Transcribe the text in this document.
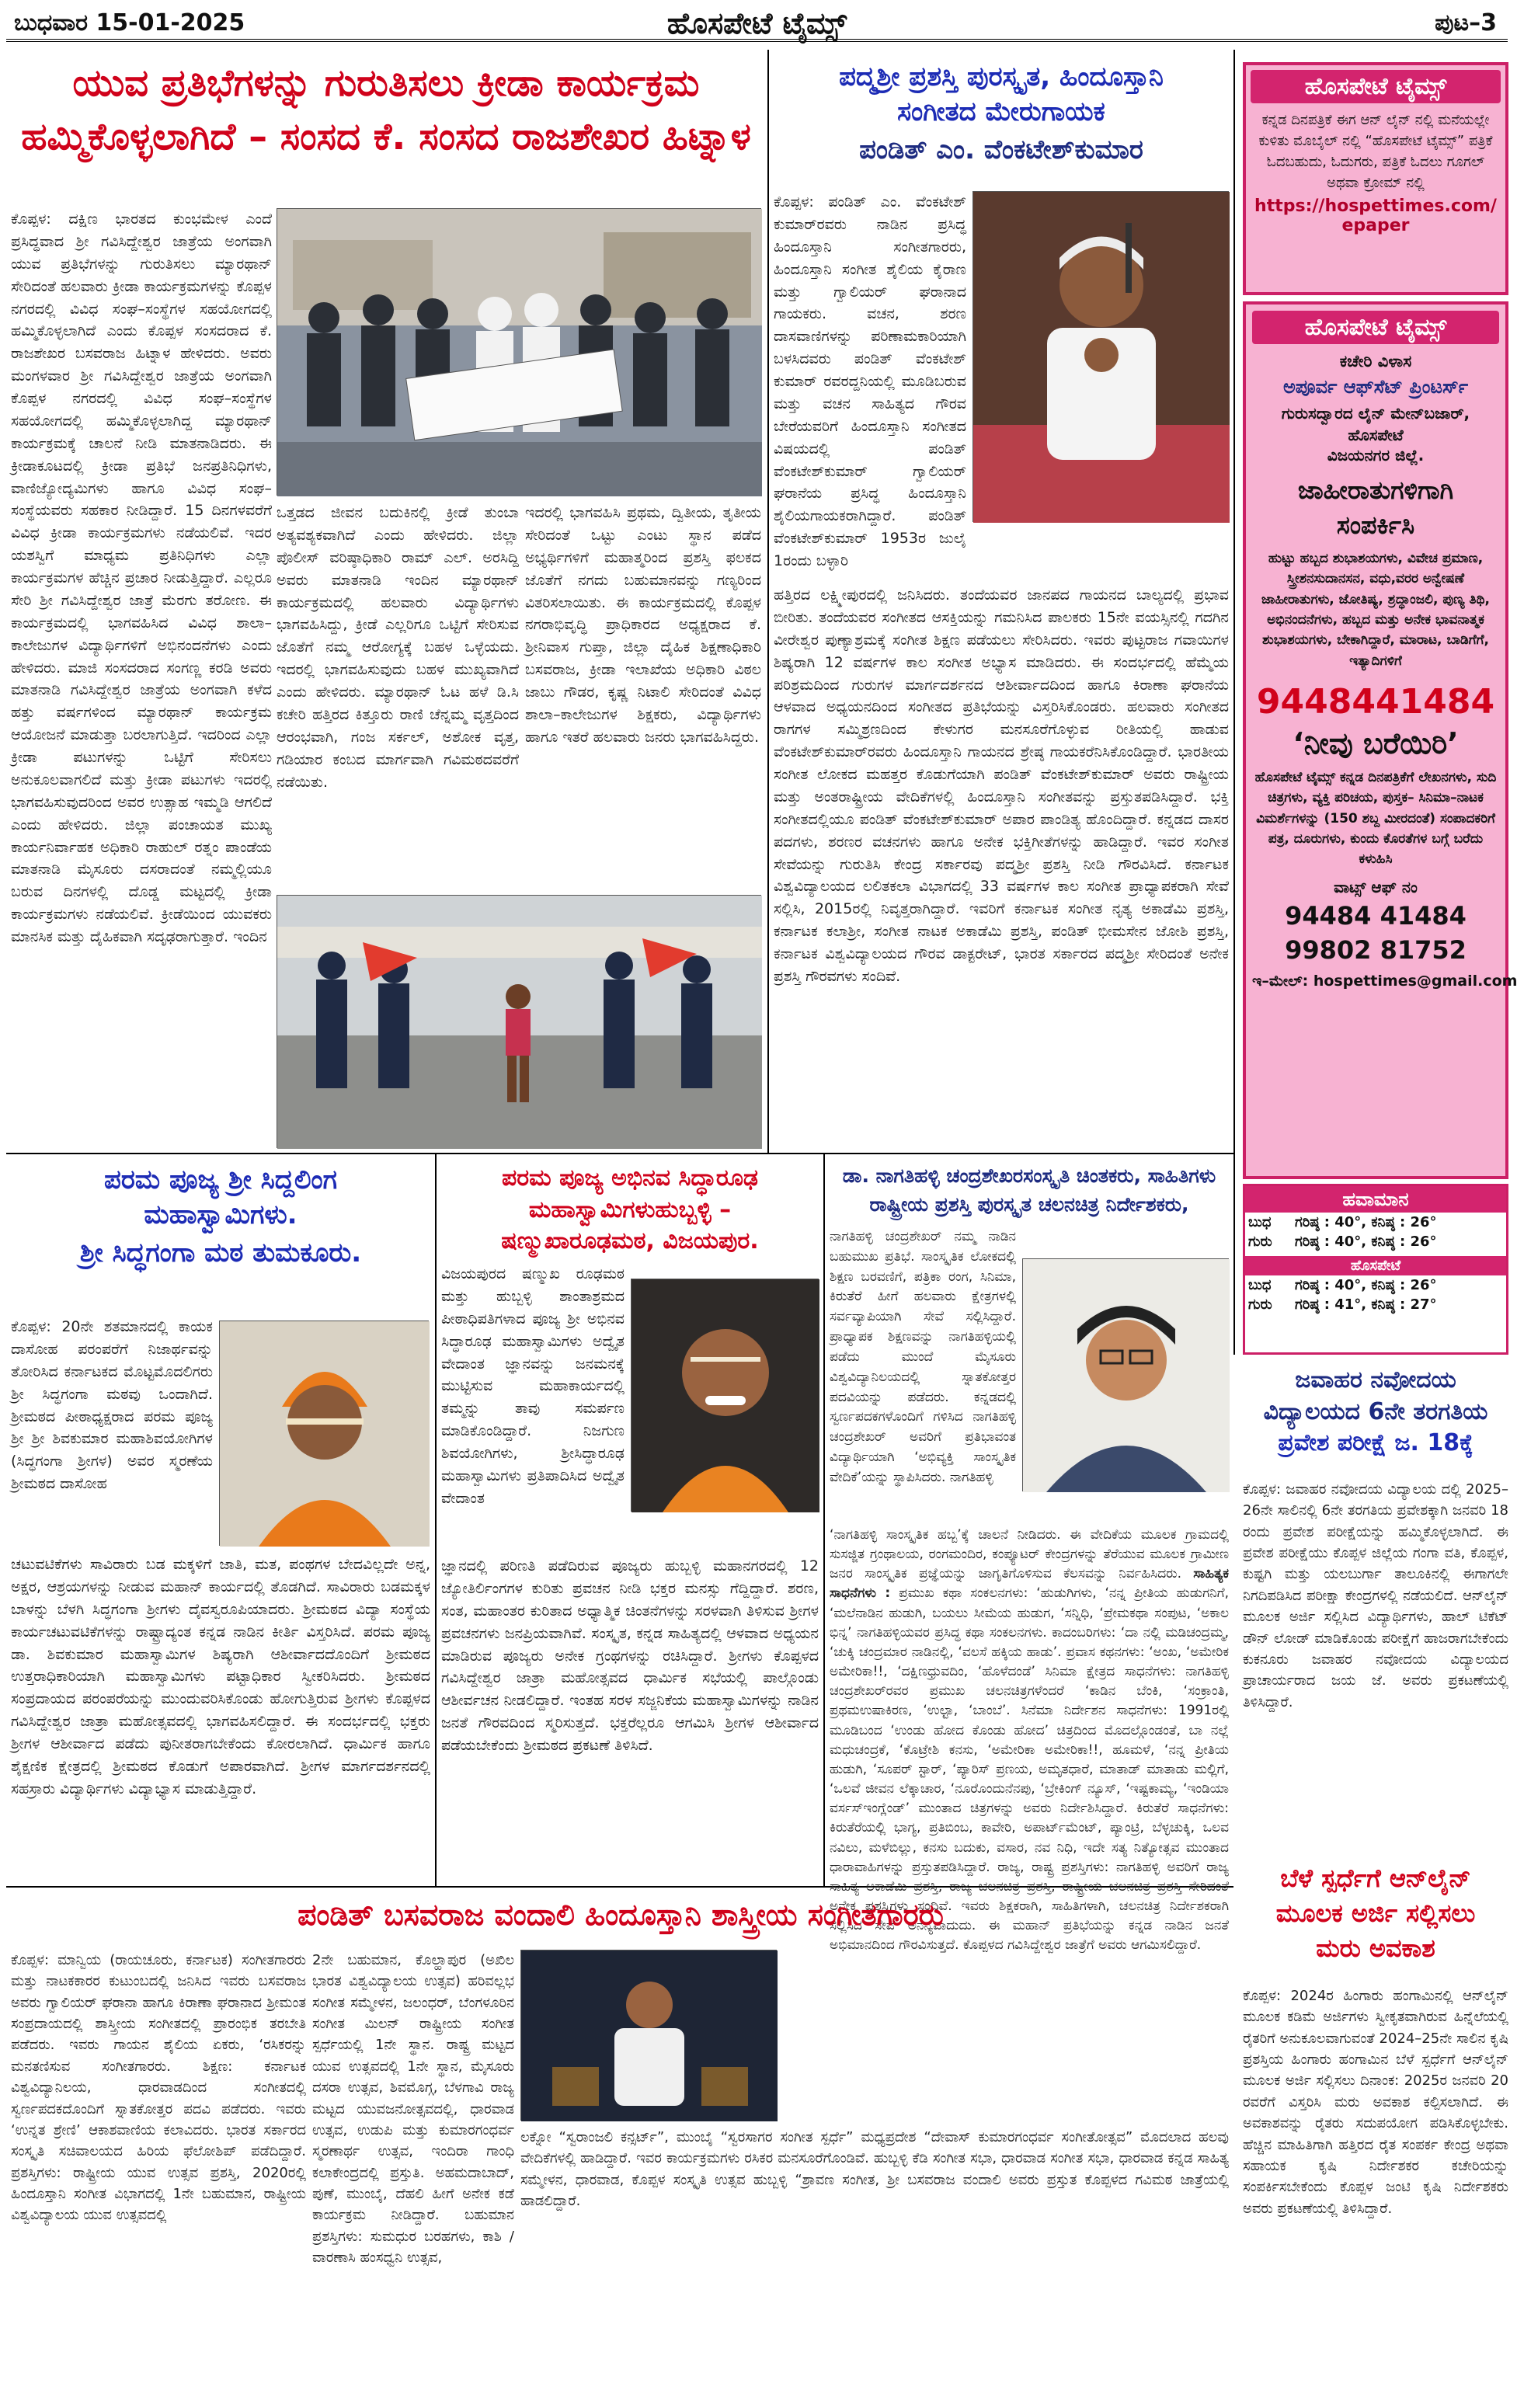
ಬುಧವಾರ 15-01-2025	ಹೊಸಪೇಟೆ ಟೈಮ್ಸ್	ಪುಟ–3
ಯುವ ಪ್ರತಿಭೆಗಳನ್ನು ಗುರುತಿಸಲು ಕ್ರೀಡಾ ಕಾರ್ಯಕ್ರಮ
ಹಮ್ಮಿಕೊಳ್ಳಲಾಗಿದೆ – ಸಂಸದ ಕೆ. ಸಂಸದ ರಾಜಶೇಖರ ಹಿಟ್ನಾಳ
ಕೊಪ್ಪಳ: ದಕ್ಷಿಣ ಭಾರತದ ಕುಂಭಮೇಳ ಎಂದೆ ಪ್ರಸಿದ್ಧವಾದ ಶ್ರೀ ಗವಿಸಿದ್ದೇಶ್ವರ ಜಾತ್ರೆಯ ಅಂಗವಾಗಿ ಯುವ ಪ್ರತಿಭೆಗಳನ್ನು ಗುರುತಿಸಲು ಮ್ಯಾರಥಾನ್ ಸೇರಿದಂತೆ ಹಲವಾರು ಕ್ರೀಡಾ ಕಾರ್ಯಕ್ರಮಗಳನ್ನು ಕೊಪ್ಪಳ ನಗರದಲ್ಲಿ ವಿವಿಧ ಸಂಘ–ಸಂಸ್ಥೆಗಳ ಸಹಯೋಗದಲ್ಲಿ ಹಮ್ಮಿಕೊಳ್ಳಲಾಗಿದೆ ಎಂದು ಕೊಪ್ಪಳ ಸಂಸದರಾದ ಕೆ. ರಾಜಶೇಖರ ಬಸವರಾಜ ಹಿಟ್ನಾಳ ಹೇಳಿದರು. ಅವರು ಮಂಗಳವಾರ ಶ್ರೀ ಗವಿಸಿದ್ದೇಶ್ವರ ಜಾತ್ರೆಯ ಅಂಗವಾಗಿ ಕೊಪ್ಪಳ ನಗರದಲ್ಲಿ ವಿವಿಧ ಸಂಘ–ಸಂಸ್ಥೆಗಳ ಸಹಯೋಗದಲ್ಲಿ ಹಮ್ಮಿಕೊಳ್ಳಲಾಗಿದ್ದ ಮ್ಯಾರಥಾನ್ ಕಾರ್ಯಕ್ರಮಕ್ಕೆ ಚಾಲನೆ ನೀಡಿ ಮಾತನಾಡಿದರು. ಈ ಕ್ರೀಡಾಕೂಟದಲ್ಲಿ ಕ್ರೀಡಾ ಪ್ರತಿಭೆ ಜನಪ್ರತಿನಿಧಿಗಳು, ವಾಣಿಜ್ಯೋದ್ಯಮಿಗಳು ಹಾಗೂ ವಿವಿಧ ಸಂಘ–ಸಂಸ್ಥೆಯವರು ಸಹಕಾರ ನೀಡಿದ್ದಾರೆ. 15 ದಿನಗಳವರೆಗೆ ವಿವಿಧ ಕ್ರೀಡಾ ಕಾರ್ಯಕ್ರಮಗಳು ನಡೆಯಲಿವೆ. ಇದರ ಯಶಸ್ವಿಗೆ ಮಾಧ್ಯಮ ಪ್ರತಿನಿಧಿಗಳು ಎಲ್ಲಾ ಕಾರ್ಯಕ್ರಮಗಳ ಹೆಚ್ಚಿನ ಪ್ರಚಾರ ನೀಡುತ್ತಿದ್ದಾರೆ. ಎಲ್ಲರೂ ಸೇರಿ ಶ್ರೀ ಗವಿಸಿದ್ದೇಶ್ವರ ಜಾತ್ರೆ ಮೆರಗು ತರೋಣ. ಈ ಕಾರ್ಯಕ್ರಮದಲ್ಲಿ ಭಾಗವಹಿಸಿದ ವಿವಿಧ ಶಾಲಾ–ಕಾಲೇಜುಗಳ ವಿದ್ಯಾರ್ಥಿಗಳಿಗೆ ಅಭಿನಂದನೆಗಳು ಎಂದು ಹೇಳಿದರು. ಮಾಜಿ ಸಂಸದರಾದ ಸಂಗಣ್ಣ ಕರಡಿ ಅವರು ಮಾತನಾಡಿ ಗವಿಸಿದ್ದೇಶ್ವರ ಜಾತ್ರೆಯ ಅಂಗವಾಗಿ ಕಳೆದ ಹತ್ತು ವರ್ಷಗಳಿಂದ ಮ್ಯಾರಥಾನ್ ಕಾರ್ಯಕ್ರಮ ಆಯೋಜನೆ ಮಾಡುತ್ತಾ ಬರಲಾಗುತ್ತಿದೆ. ಇದರಿಂದ ಎಲ್ಲಾ ಕ್ರೀಡಾ ಪಟುಗಳನ್ನು ಒಟ್ಟಿಗೆ ಸೇರಿಸಲು ಅನುಕೂಲವಾಗಲಿದೆ ಮತ್ತು ಕ್ರೀಡಾ ಪಟುಗಳು ಇದರಲ್ಲಿ ಭಾಗವಹಿಸುವುದರಿಂದ ಅವರ ಉತ್ಸಾಹ ಇಮ್ಮಡಿ ಆಗಲಿದೆ ಎಂದು ಹೇಳಿದರು. ಜಿಲ್ಲಾ ಪಂಚಾಯತ ಮುಖ್ಯ ಕಾರ್ಯನಿರ್ವಾಹಕ ಅಧಿಕಾರಿ ರಾಹುಲ್ ರತ್ನಂ ಪಾಂಡೆಯ ಮಾತನಾಡಿ ಮೈಸೂರು ದಸರಾದಂತೆ ನಮ್ಮಲ್ಲಿಯೂ ಬರುವ ದಿನಗಳಲ್ಲಿ ದೊಡ್ಡ ಮಟ್ಟದಲ್ಲಿ ಕ್ರೀಡಾ ಕಾರ್ಯಕ್ರಮಗಳು ನಡೆಯಲಿವೆ. ಕ್ರೀಡೆಯಿಂದ ಯುವಕರು ಮಾನಸಿಕ ಮತ್ತು ದೈಹಿಕವಾಗಿ ಸದೃಢರಾಗುತ್ತಾರೆ. ಇಂದಿನ
ಒತ್ತಡದ ಜೀವನ ಬದುಕಿನಲ್ಲಿ ಕ್ರೀಡೆ ತುಂಬಾ ಅತ್ಯವಶ್ಯಕವಾಗಿದೆ ಎಂದು ಹೇಳಿದರು. ಜಿಲ್ಲಾ ಪೊಲೀಸ್ ವರಿಷ್ಠಾಧಿಕಾರಿ ರಾಮ್ ಎಲ್. ಅರಸಿದ್ದಿ ಅವರು ಮಾತನಾಡಿ ಇಂದಿನ ಮ್ಯಾರಥಾನ್ ಕಾರ್ಯಕ್ರಮದಲ್ಲಿ ಹಲವಾರು ವಿದ್ಯಾರ್ಥಿಗಳು ಭಾಗವಹಿಸಿದ್ದು, ಕ್ರೀಡೆ ಎಲ್ಲರಿಗೂ ಒಟ್ಟಿಗೆ ಸೇರಿಸುವ ಜೊತೆಗೆ ನಮ್ಮ ಆರೋಗ್ಯಕ್ಕೆ ಬಹಳ ಒಳ್ಳೆಯದು. ಇದರಲ್ಲಿ ಭಾಗವಹಿಸುವುದು ಬಹಳ ಮುಖ್ಯವಾಗಿದೆ ಎಂದು ಹೇಳಿದರು. ಮ್ಯಾರಥಾನ್ ಓಟ ಹಳೆ ಡಿ.ಸಿ ಕಚೇರಿ ಹತ್ತಿರದ ಕಿತ್ತೂರು ರಾಣಿ ಚೆನ್ನಮ್ಮ ವೃತ್ತದಿಂದ ಆರಂಭವಾಗಿ, ಗಂಜ ಸರ್ಕಲ್, ಅಶೋಕ ವೃತ್ತ, ಗಡಿಯಾರ ಕಂಬದ ಮಾರ್ಗವಾಗಿ ಗವಿಮಠದವರೆಗೆ ನಡೆಯಿತು.
ಇದರಲ್ಲಿ ಭಾಗವಹಿಸಿ ಪ್ರಥಮ, ದ್ವಿತೀಯ, ತೃತೀಯ ಸೇರಿದಂತೆ ಒಟ್ಟು ಎಂಟು ಸ್ಥಾನ ಪಡೆದ ಅಭ್ಯರ್ಥಿಗಳಿಗೆ ಮಹಾತ್ಮರಿಂದ ಪ್ರಶಸ್ತಿ ಫಲಕದ ಜೊತೆಗೆ ನಗದು ಬಹುಮಾನವನ್ನು ಗಣ್ಯರಿಂದ ವಿತರಿಸಲಾಯಿತು. ಈ ಕಾರ್ಯಕ್ರಮದಲ್ಲಿ ಕೊಪ್ಪಳ ನಗರಾಭಿವೃದ್ಧಿ ಪ್ರಾಧಿಕಾರದ ಅಧ್ಯಕ್ಷರಾದ ಕೆ. ಶ್ರೀನಿವಾಸ ಗುಪ್ತಾ, ಜಿಲ್ಲಾ ದೈಹಿಕ ಶಿಕ್ಷಣಾಧಿಕಾರಿ ಬಸವರಾಜ, ಕ್ರೀಡಾ ಇಲಾಖೆಯ ಅಧಿಕಾರಿ ವಿಠಲ ಜಾಬು ಗೌಡರ, ಕೃಷ್ಣ ನಿಟಾಲಿ ಸೇರಿದಂತೆ ವಿವಿಧ ಶಾಲಾ–ಕಾಲೇಜುಗಳ ಶಿಕ್ಷಕರು, ವಿದ್ಯಾರ್ಥಿಗಳು ಹಾಗೂ ಇತರೆ ಹಲವಾರು ಜನರು ಭಾಗವಹಿಸಿದ್ದರು.
ಪದ್ಮಶ್ರೀ ಪ್ರಶಸ್ತಿ ಪುರಸ್ಕೃತ, ಹಿಂದೂಸ್ತಾನಿ
ಸಂಗೀತದ ಮೇರುಗಾಯಕ
ಪಂಡಿತ್ ಎಂ. ವೆಂಕಟೇಶ್‌ಕುಮಾರ
ಕೊಪ್ಪಳ: ಪಂಡಿತ್ ಎಂ. ವೆಂಕಟೇಶ್ ಕುಮಾರ್‌ರವರು ನಾಡಿನ ಪ್ರಸಿದ್ಧ ಹಿಂದೂಸ್ತಾನಿ ಸಂಗೀತಗಾರರು, ಹಿಂದೂಸ್ತಾನಿ ಸಂಗೀತ ಶೈಲಿಯ ಕೈರಾಣ ಮತ್ತು ಗ್ವಾಲಿಯರ್ ಘರಾನಾದ ಗಾಯಕರು. ವಚನ, ಶರಣ ದಾಸವಾಣಿಗಳನ್ನು ಪರಿಣಾಮಕಾರಿಯಾಗಿ ಬಳಸಿದವರು ಪಂಡಿತ್ ವೆಂಕಟೇಶ್ ಕುಮಾರ್ ರವರದ್ದನಿಯಲ್ಲಿ ಮೂಡಿಬರುವ ಮತ್ತು ವಚನ ಸಾಹಿತ್ಯದ ಗೌರವ ಬೇರೆಯವರಿಗೆ ಹಿಂದೂಸ್ತಾನಿ ಸಂಗೀತದ ವಿಷಯದಲ್ಲಿ ಪಂಡಿತ್ ವೆಂಕಟೇಶ್‌ಕುಮಾರ್ ಗ್ವಾಲಿಯರ್ ಘರಾನೆಯ ಪ್ರಸಿದ್ಧ ಹಿಂದೂಸ್ತಾನಿ ಶೈಲಿಯಗಾಯಕರಾಗಿದ್ದಾರೆ. ಪಂಡಿತ್ ವೆಂಕಟೇಶ್‌ಕುಮಾರ್ 1953ರ ಜುಲೈ 1ರಂದು ಬಳ್ಳಾರಿ
ಹತ್ತಿರದ ಲಕ್ಷ್ಮೀಪುರದಲ್ಲಿ ಜನಿಸಿದರು. ತಂದೆಯವರ ಜಾನಪದ ಗಾಯನದ ಬಾಲ್ಯದಲ್ಲಿ ಪ್ರಭಾವ ಬೀರಿತು. ತಂದೆಯವರ ಸಂಗೀತದ ಆಸಕ್ತಿಯನ್ನು ಗಮನಿಸಿದ ಪಾಲಕರು 15ನೇ ವಯಸ್ಸಿನಲ್ಲಿ ಗದಗಿನ ವೀರೇಶ್ವರ ಪುಣ್ಯಾಶ್ರಮಕ್ಕೆ ಸಂಗೀತ ಶಿಕ್ಷಣ ಪಡೆಯಲು ಸೇರಿಸಿದರು. ಇವರು ಪುಟ್ಟರಾಜ ಗವಾಯಿಗಳ ಶಿಷ್ಯರಾಗಿ 12 ವರ್ಷಗಳ ಕಾಲ ಸಂಗೀತ ಅಭ್ಯಾಸ ಮಾಡಿದರು. ಈ ಸಂದರ್ಭದಲ್ಲಿ ಹೆಮ್ಮೆಯ ಪರಿಶ್ರಮದಿಂದ ಗುರುಗಳ ಮಾರ್ಗದರ್ಶನದ ಆಶೀರ್ವಾದದಿಂದ ಹಾಗೂ ಕಿರಾಣಾ ಘರಾನೆಯ ಆಳವಾದ ಅಧ್ಯಯನದಿಂದ ಸಂಗೀತದ ಪ್ರತಿಭೆಯನ್ನು ವಿಸ್ತರಿಸಿಕೊಂಡರು. ಹಲವಾರು ಸಂಗೀತದ ರಾಗಗಳ ಸಮ್ಮಿಶ್ರಣದಿಂದ ಕೇಳುಗರ ಮನಸೂರೆಗೊಳ್ಳುವ ರೀತಿಯಲ್ಲಿ ಹಾಡುವ ವೆಂಕಟೇಶ್‌ಕುಮಾರ್‌ರವರು ಹಿಂದೂಸ್ತಾನಿ ಗಾಯನದ ಶ್ರೇಷ್ಠ ಗಾಯಕರೆನಿಸಿಕೊಂಡಿದ್ದಾರೆ. ಭಾರತೀಯ ಸಂಗೀತ ಲೋಕದ ಮಹತ್ತರ ಕೊಡುಗೆಯಾಗಿ ಪಂಡಿತ್ ವೆಂಕಟೇಶ್‌ಕುಮಾರ್ ಅವರು ರಾಷ್ಟ್ರೀಯ ಮತ್ತು ಅಂತರಾಷ್ಟ್ರೀಯ ವೇದಿಕೆಗಳಲ್ಲಿ ಹಿಂದೂಸ್ತಾನಿ ಸಂಗೀತವನ್ನು ಪ್ರಸ್ತುತಪಡಿಸಿದ್ದಾರೆ. ಭಕ್ತಿ ಸಂಗೀತದಲ್ಲಿಯೂ ಪಂಡಿತ್ ವೆಂಕಟೇಶ್‌ಕುಮಾರ್ ಅಪಾರ ಪಾಂಡಿತ್ಯ ಹೊಂದಿದ್ದಾರೆ. ಕನ್ನಡದ ದಾಸರ ಪದಗಳು, ಶರಣರ ವಚನಗಳು ಹಾಗೂ ಅನೇಕ ಭಕ್ತಿಗೀತೆಗಳನ್ನು ಹಾಡಿದ್ದಾರೆ. ಇವರ ಸಂಗೀತ ಸೇವೆಯನ್ನು ಗುರುತಿಸಿ ಕೇಂದ್ರ ಸರ್ಕಾರವು ಪದ್ಮಶ್ರೀ ಪ್ರಶಸ್ತಿ ನೀಡಿ ಗೌರವಿಸಿದೆ. ಕರ್ನಾಟಕ ವಿಶ್ವವಿದ್ಯಾಲಯದ ಲಲಿತಕಲಾ ವಿಭಾಗದಲ್ಲಿ 33 ವರ್ಷಗಳ ಕಾಲ ಸಂಗೀತ ಪ್ರಾಧ್ಯಾಪಕರಾಗಿ ಸೇವೆ ಸಲ್ಲಿಸಿ, 2015ರಲ್ಲಿ ನಿವೃತ್ತರಾಗಿದ್ದಾರೆ. ಇವರಿಗೆ ಕರ್ನಾಟಕ ಸಂಗೀತ ನೃತ್ಯ ಅಕಾಡೆಮಿ ಪ್ರಶಸ್ತಿ, ಕರ್ನಾಟಕ ಕಲಾಶ್ರೀ, ಸಂಗೀತ ನಾಟಕ ಅಕಾಡೆಮಿ ಪ್ರಶಸ್ತಿ, ಪಂಡಿತ್ ಭೀಮಸೇನ ಜೋಶಿ ಪ್ರಶಸ್ತಿ, ಕರ್ನಾಟಕ ವಿಶ್ವವಿದ್ಯಾಲಯದ ಗೌರವ ಡಾಕ್ಟರೇಟ್, ಭಾರತ ಸರ್ಕಾರದ ಪದ್ಮಶ್ರೀ ಸೇರಿದಂತೆ ಅನೇಕ ಪ್ರಶಸ್ತಿ ಗೌರವಗಳು ಸಂದಿವೆ.
ಹೊಸಪೇಟೆ ಟೈಮ್ಸ್
ಕನ್ನಡ ದಿನಪತ್ರಿಕೆ ಈಗ ಆನ್ ಲೈನ್ ನಲ್ಲಿ ಮನೆಯಲ್ಲೇ ಕುಳಿತು ಮೊಬೈಲ್ ನಲ್ಲಿ “ಹೊಸಪೇಟೆ ಟೈಮ್ಸ್” ಪತ್ರಿಕೆ ಓದಬಹುದು, ಓದುಗರು, ಪತ್ರಿಕೆ ಓದಲು ಗೂಗಲ್ ಅಥವಾ ಕ್ರೋಮ್ ನಲ್ಲಿ
https://hospettimes.com/
epaper
ಹೊಸಪೇಟೆ ಟೈಮ್ಸ್
ಕಚೇರಿ ವಿಳಾಸ
ಅಪೂರ್ವ ಆಫ್‌ಸೆಟ್ ಪ್ರಿಂಟರ್ಸ್
ಗುರುಸದ್ವಾರದ ಲೈನ್ ಮೇನ್‌ಬಜಾರ್, ಹೊಸಪೇಟೆ
ವಿಜಯನಗರ ಜಿಲ್ಲೆ.
ಜಾಹೀರಾತುಗಳಿಗಾಗಿ
ಸಂಪರ್ಕಿಸಿ
ಹುಟ್ಟು ಹಬ್ಬದ ಶುಭಾಶಯಗಳು, ವಿವೇಚ ಪ್ರಮಾಣ, ಸ್ತ್ರೀಶನಸುದಾನಸನ, ವಧು,ವರರ ಅನ್ವೇಷಣೆ ಜಾಹೀರಾತುಗಳು, ಜೋತಿಷ್ಯ, ಶ್ರದ್ಧಾಂಜಲಿ, ಪುಣ್ಯ ತಿಥಿ, ಅಭಿನಂದನೆಗಳು, ಹಬ್ಬದ ಮತ್ತು ಅನೇಕ ಭಾವನಾತ್ಮಕ ಶುಭಾಶಯಗಳು, ಬೇಕಾಗಿದ್ದಾರೆ, ಮಾರಾಟ, ಬಾಡಿಗೆಗೆ, ಇತ್ಯಾದಿಗಳಿಗೆ
9448441484
‘ನೀವು ಬರೆಯಿರಿ’
ಹೊಸಪೇಟೆ ಟೈಮ್ಸ್ ಕನ್ನಡ ದಿನಪತ್ರಿಕೆಗೆ ಲೇಖನಗಳು, ಸುದಿ ಚಿತ್ರಗಳು, ವ್ಯಕ್ತಿ ಪರಿಚಯ, ಪುಸ್ತಕ– ಸಿನಿಮಾ–ನಾಟಕ ವಿಮರ್ಶೆಗಳನ್ನು (150 ಶಬ್ದ ಮೀರದಂತೆ) ಸಂಪಾದಕರಿಗೆ ಪತ್ರ, ದೂರುಗಳು, ಕುಂದು ಕೊರತೆಗಳ ಬಗ್ಗೆ ಬರೆದು ಕಳುಹಿಸಿ
ವಾಟ್ಸ್ ಆಫ್ ನಂ
94484 41484
99802 81752
ಇ–ಮೇಲ್: hospettimes@gmail.com
ಹವಾಮಾನ
ಬುಧ	ಗರಿಷ್ಠ : 40°, ಕನಿಷ್ಠ : 26°
ಗುರು	ಗರಿಷ್ಠ : 40°, ಕನಿಷ್ಠ : 26°
ಹೊಸಪೇಟೆ
ಬುಧ	ಗರಿಷ್ಠ : 40°, ಕನಿಷ್ಠ : 26°
ಗುರು	ಗರಿಷ್ಠ : 41°, ಕನಿಷ್ಠ : 27°
ಪರಮ ಪೂಜ್ಯ ಶ್ರೀ ಸಿದ್ದಲಿಂಗ
ಮಹಾಸ್ವಾಮಿಗಳು.
ಶ್ರೀ ಸಿದ್ಧಗಂಗಾ ಮಠ ತುಮಕೂರು.
ಕೊಪ್ಪಳ: 20ನೇ ಶತಮಾನದಲ್ಲಿ ಕಾಯಕ ದಾಸೋಹ ಪರಂಪರೆಗೆ ನಿಜಾರ್ಥವನ್ನು ತೋರಿಸಿದ ಕರ್ನಾಟಕದ ಮೊಟ್ಟಮೊದಲಿಗರು ಶ್ರೀ ಸಿದ್ಧಗಂಗಾ ಮಠವು ಒಂದಾಗಿದೆ. ಶ್ರೀಮಠದ ಪೀಠಾಧ್ಯಕ್ಷರಾದ ಪರಮ ಪೂಜ್ಯ ಶ್ರೀ ಶ್ರೀ ಶಿವಕುಮಾರ ಮಹಾಶಿವಯೋಗಿಗಳ (ಸಿದ್ಧಗಂಗಾ ಶ್ರೀಗಳ) ಅವರ ಸ್ಮರಣೆಯ ಶ್ರೀಮಠದ ದಾಸೋಹ
ಚಟುವಟಿಕೆಗಳು ಸಾವಿರಾರು ಬಡ ಮಕ್ಕಳಿಗೆ ಜಾತಿ, ಮತ, ಪಂಥಗಳ ಬೇದವಿಲ್ಲದೇ ಅನ್ನ, ಅಕ್ಷರ, ಆಶ್ರಯಗಳನ್ನು ನೀಡುವ ಮಹಾನ್ ಕಾರ್ಯದಲ್ಲಿ ತೊಡಗಿದೆ. ಸಾವಿರಾರು ಬಡಮಕ್ಕಳ ಬಾಳನ್ನು ಬೆಳಗಿ ಸಿದ್ಧಗಂಗಾ ಶ್ರೀಗಳು ದೈವಸ್ವರೂಪಿಯಾದರು. ಶ್ರೀಮಠದ ವಿದ್ಯಾ ಸಂಸ್ಥೆಯ ಕಾರ್ಯಚಟುವಟಿಕೆಗಳನ್ನು ರಾಷ್ಟ್ರಾದ್ಯಂತ ಕನ್ನಡ ನಾಡಿನ ಕೀರ್ತಿ ವಿಸ್ತರಿಸಿದೆ. ಪರಮ ಪೂಜ್ಯ ಡಾ. ಶಿವಕುಮಾರ ಮಹಾಸ್ವಾಮಿಗಳ ಶಿಷ್ಯರಾಗಿ ಆಶೀರ್ವಾದದೊಂದಿಗೆ ಶ್ರೀಮಠದ ಉತ್ತರಾಧಿಕಾರಿಯಾಗಿ ಮಹಾಸ್ವಾಮಿಗಳು ಪಟ್ಟಾಧಿಕಾರ ಸ್ವೀಕರಿಸಿದರು. ಶ್ರೀಮಠದ ಸಂಪ್ರದಾಯದ ಪರಂಪರೆಯನ್ನು ಮುಂದುವರಿಸಿಕೊಂಡು ಹೋಗುತ್ತಿರುವ ಶ್ರೀಗಳು ಕೊಪ್ಪಳದ ಗವಿಸಿದ್ದೇಶ್ವರ ಜಾತ್ರಾ ಮಹೋತ್ಸವದಲ್ಲಿ ಭಾಗವಹಿಸಲಿದ್ದಾರೆ. ಈ ಸಂದರ್ಭದಲ್ಲಿ ಭಕ್ತರು ಶ್ರೀಗಳ ಆಶೀರ್ವಾದ ಪಡೆದು ಪುನೀತರಾಗಬೇಕೆಂದು ಕೋರಲಾಗಿದೆ. ಧಾರ್ಮಿಕ ಹಾಗೂ ಶೈಕ್ಷಣಿಕ ಕ್ಷೇತ್ರದಲ್ಲಿ ಶ್ರೀಮಠದ ಕೊಡುಗೆ ಅಪಾರವಾಗಿದೆ. ಶ್ರೀಗಳ ಮಾರ್ಗದರ್ಶನದಲ್ಲಿ ಸಹಸ್ರಾರು ವಿದ್ಯಾರ್ಥಿಗಳು ವಿದ್ಯಾಭ್ಯಾಸ ಮಾಡುತ್ತಿದ್ದಾರೆ.
ಪರಮ ಪೂಜ್ಯ ಅಭಿನವ ಸಿದ್ಧಾರೂಢ
ಮಹಾಸ್ವಾಮಿಗಳುಹುಬ್ಬಳ್ಳಿ –
ಷಣ್ಮುಖಾರೂಢಮಠ, ವಿಜಯಪುರ.
ವಿಜಯಪುರದ ಷಣ್ಮುಖ ರೂಢಮಠ ಮತ್ತು ಹುಬ್ಬಳ್ಳಿ ಶಾಂತಾಶ್ರಮದ ಪೀಠಾಧಿಪತಿಗಳಾದ ಪೂಜ್ಯ ಶ್ರೀ ಅಭಿನವ ಸಿದ್ಧಾರೂಢ ಮಹಾಸ್ವಾಮಿಗಳು ಅದ್ವೈತ ವೇದಾಂತ ಜ್ಞಾನವನ್ನು ಜನಮನಕ್ಕೆ ಮುಟ್ಟಿಸುವ ಮಹಾಕಾರ್ಯದಲ್ಲಿ ತಮ್ಮನ್ನು ತಾವು ಸಮರ್ಪಣ ಮಾಡಿಕೊಂಡಿದ್ದಾರೆ. ನಿಜಗುಣ ಶಿವಯೋಗಿಗಳು, ಶ್ರೀಸಿದ್ಧಾರೂಢ ಮಹಾಸ್ವಾಮಿಗಳು ಪ್ರತಿಪಾದಿಸಿದ ಅದ್ವೈತ ವೇದಾಂತ
ಜ್ಞಾನದಲ್ಲಿ ಪರಿಣತಿ ಪಡೆದಿರುವ ಪೂಜ್ಯರು ಹುಬ್ಬಳ್ಳಿ ಮಹಾನಗರದಲ್ಲಿ 12 ಜ್ಯೋತಿರ್ಲಿಂಗಗಳ ಕುರಿತು ಪ್ರವಚನ ನೀಡಿ ಭಕ್ತರ ಮನಸ್ಸು ಗೆದ್ದಿದ್ದಾರೆ. ಶರಣ, ಸಂತ, ಮಹಾಂತರ ಕುರಿತಾದ ಅಧ್ಯಾತ್ಮಿಕ ಚಿಂತನೆಗಳನ್ನು ಸರಳವಾಗಿ ತಿಳಿಸುವ ಶ್ರೀಗಳ ಪ್ರವಚನಗಳು ಜನಪ್ರಿಯವಾಗಿವೆ. ಸಂಸ್ಕೃತ, ಕನ್ನಡ ಸಾಹಿತ್ಯದಲ್ಲಿ ಆಳವಾದ ಅಧ್ಯಯನ ಮಾಡಿರುವ ಪೂಜ್ಯರು ಅನೇಕ ಗ್ರಂಥಗಳನ್ನು ರಚಿಸಿದ್ದಾರೆ. ಶ್ರೀಗಳು ಕೊಪ್ಪಳದ ಗವಿಸಿದ್ದೇಶ್ವರ ಜಾತ್ರಾ ಮಹೋತ್ಸವದ ಧಾರ್ಮಿಕ ಸಭೆಯಲ್ಲಿ ಪಾಲ್ಗೊಂಡು ಆಶೀರ್ವಚನ ನೀಡಲಿದ್ದಾರೆ. ಇಂತಹ ಸರಳ ಸಜ್ಜನಿಕೆಯ ಮಹಾಸ್ವಾಮಿಗಳನ್ನು ನಾಡಿನ ಜನತೆ ಗೌರವದಿಂದ ಸ್ಮರಿಸುತ್ತದೆ. ಭಕ್ತರೆಲ್ಲರೂ ಆಗಮಿಸಿ ಶ್ರೀಗಳ ಆಶೀರ್ವಾದ ಪಡೆಯಬೇಕೆಂದು ಶ್ರೀಮಠದ ಪ್ರಕಟಣೆ ತಿಳಿಸಿದೆ.
ಡಾ. ನಾಗತಿಹಳ್ಳಿ ಚಂದ್ರಶೇಖರಸಂಸ್ಕೃತಿ ಚಿಂತಕರು, ಸಾಹಿತಿಗಳು
ರಾಷ್ಟ್ರೀಯ ಪ್ರಶಸ್ತಿ ಪುರಸ್ಕೃತ ಚಲನಚಿತ್ರ ನಿರ್ದೇಶಕರು,
ನಾಗತಿಹಳ್ಳಿ ಚಂದ್ರಶೇಖರ್ ನಮ್ಮ ನಾಡಿನ ಬಹುಮುಖ ಪ್ರತಿಭೆ. ಸಾಂಸ್ಕೃತಿಕ ಲೋಕದಲ್ಲಿ ಶಿಕ್ಷಣ ಬರವಣಿಗೆ, ಪತ್ರಿಕಾ ರಂಗ, ಸಿನಿಮಾ, ಕಿರುತೆರೆ ಹೀಗೆ ಹಲವಾರು ಕ್ಷೇತ್ರಗಳಲ್ಲಿ ಸರ್ವವ್ಯಾಪಿಯಾಗಿ ಸೇವೆ ಸಲ್ಲಿಸಿದ್ದಾರೆ. ಪ್ರಾಧ್ಯಾಪಕ ಶಿಕ್ಷಣವನ್ನು ನಾಗತಿಹಳ್ಳಿಯಲ್ಲಿ ಪಡೆದು ಮುಂದೆ ಮೈಸೂರು ವಿಶ್ವವಿದ್ಯಾನಿಲಯದಲ್ಲಿ ಸ್ನಾತಕೋತ್ತರ ಪದವಿಯನ್ನು ಪಡೆದರು. ಕನ್ನಡದಲ್ಲಿ ಸ್ವರ್ಣಪದಕಗಳೊಂದಿಗೆ ಗಳಿಸಿದ ನಾಗತಿಹಳ್ಳಿ ಚಂದ್ರಶೇಖರ್ ಅವರಿಗೆ ಪ್ರತಿಭಾವಂತ ವಿದ್ಯಾರ್ಥಿಯಾಗಿ ‘ಅಭಿವ್ಯಕ್ತಿ ಸಾಂಸ್ಕೃತಿಕ ವೇದಿಕೆ’ಯನ್ನು ಸ್ಥಾಪಿಸಿದರು. ನಾಗತಿಹಳ್ಳಿ
‘ನಾಗತಿಹಳ್ಳಿ ಸಾಂಸ್ಕೃತಿಕ ಹಬ್ಬ’ಕ್ಕೆ ಚಾಲನೆ ನೀಡಿದರು. ಈ ವೇದಿಕೆಯ ಮೂಲಕ ಗ್ರಾಮದಲ್ಲಿ ಸುಸಜ್ಜಿತ ಗ್ರಂಥಾಲಯ, ರಂಗಮಂದಿರ, ಕಂಪ್ಯೂಟರ್ ಕೇಂದ್ರಗಳನ್ನು ತೆರೆಯುವ ಮೂಲಕ ಗ್ರಾಮೀಣ ಜನರ ಸಾಂಸ್ಕೃತಿಕ ಪ್ರಜ್ಞೆಯನ್ನು ಜಾಗೃತಿಗೊಳಿಸುವ ಕೆಲಸವನ್ನು ನಿರ್ವಹಿಸಿದರು. ಸಾಹಿತ್ಯಕ ಸಾಧನೆಗಳು : ಪ್ರಮುಖ ಕಥಾ ಸಂಕಲನಗಳು: ‘ಹುಡುಗಿಗಳು, ‘ನನ್ನ ಪ್ರೀತಿಯ ಹುಡುಗನಿಗೆ, ‘ಮಲೆನಾಡಿನ ಹುಡುಗಿ, ಬಯಲು ಸೀಮೆಯ ಹುಡುಗ, ‘ಸನ್ನಿಧಿ, ‘ಪ್ರೇಮಕಥಾ ಸಂಪುಟ, ‘ಅಕಾಲ ಭಿನ್ನ’ ನಾಗತಿಹಳ್ಳಿಯವರ ಪ್ರಸಿದ್ಧ ಕಥಾ ಸಂಕಲನಗಳು. ಕಾದಂಬರಿಗಳು: ‘ದಾ ನಲ್ಲಿ ಮಡಿಚಂದ್ರಮ್ಮ, ‘ಚುಕ್ಕಿ ಚಂದ್ರಮಾರ ನಾಡಿನಲ್ಲಿ, ‘ವಲಸೆ ಹಕ್ಕಿಯ ಹಾಡು’. ಪ್ರವಾಸ ಕಥನಗಳು: ‘ಅಂಖ, ‘ಅಮೇರಿಕ ಅಮೇರಿಕಾ!!, ‘ದಕ್ಷಿಣಧ್ರುವದಿಂ, ‘ಹೊಳೆದಂಡೆ’ ಸಿನಿಮಾ ಕ್ಷೇತ್ರದ ಸಾಧನೆಗಳು: ನಾಗತಿಹಳ್ಳಿ ಚಂದ್ರಶೇಖರ್‌ರವರ ಪ್ರಮುಖ ಚಲನಚಿತ್ರಗಳೆಂದರೆ ‘ಕಾಡಿನ ಬೆಂಕಿ, ‘ಸಂಕ್ರಾಂತಿ, ಪ್ರಥಮಉಷಾಕಿರಣ, ‘ಉಲ್ಟಾ, ‘ಬಾಂಬೆ’. ಸಿನೆಮಾ ನಿರ್ದೇಶನ ಸಾಧನೆಗಳು: 1991ರಲ್ಲಿ ಮೂಡಿಬಂದ ‘ಉಂಡು ಹೋದ ಕೊಂಡು ಹೋದ’ ಚಿತ್ರದಿಂದ ಮೊದಲ್ಗೊಂಡಂತೆ, ಬಾ ನಲ್ಲೆ ಮಧುಚಂದ್ರಕೆ, ‘ಕೊಟ್ರೇಶಿ ಕನಸು, ‘ಅಮೇರಿಕಾ ಅಮೇರಿಕಾ!!, ಹೂಮಳೆ, ‘ನನ್ನ ಪ್ರೀತಿಯ ಹುಡುಗಿ, ‘ಸೂಪರ್ ಸ್ಟಾರ್, ‘ಪ್ಯಾರಿಸ್ ಪ್ರಣಯ, ಅಮೃತಧಾರೆ, ಮಾತಾಡ್ ಮಾತಾಡು ಮಲ್ಲಿಗೆ, ‘ಒಲವೆ ಜೀವನ ಲೆಕ್ಕಾಚಾರ, ‘ನೂರೊಂದುನೆನಪು, ‘ಬ್ರೇಕಿಂಗ್ ನ್ಯೂಸ್, ‘ಇಷ್ಟಕಾಮ್ಯ, ‘ಇಂಡಿಯಾ ವರ್ಸಸ್‌ಇಂಗ್ಲೆಂಡ್’ ಮುಂತಾದ ಚಿತ್ರಗಳನ್ನು ಅವರು ನಿರ್ದೇಶಿಸಿದ್ದಾರೆ. ಕಿರುತೆರೆ ಸಾಧನೆಗಳು: ಕಿರುತೆರೆಯಲ್ಲಿ ಭಾಗ್ಯ, ಪ್ರತಿಬಿಂಬ, ಕಾವೇರಿ, ಅಪಾರ್ಟ್‌ಮೆಂಟ್, ಪ್ಯಾಂಟ್ರಿ, ಬೆಳ್ಳಚುಕ್ಕಿ, ಒಲವ ನವಿಲು, ಮಳೆಬಿಲ್ಲು, ಕನಸು ಬದುಕು, ವಸಾರ, ನವ ನಿಧಿ, ಇದೇ ಸತ್ಯ ನಿತ್ಯೋತ್ಸವ ಮುಂತಾದ ಧಾರಾವಾಹಿಗಳನ್ನು ಪ್ರಸ್ತುತಪಡಿಸಿದ್ದಾರೆ. ರಾಜ್ಯ, ರಾಷ್ಟ್ರ ಪ್ರಶಸ್ತಿಗಳು: ನಾಗತಿಹಳ್ಳಿ ಅವರಿಗೆ ರಾಜ್ಯ ಸಾಹಿತ್ಯ ಅಕಾಡೆಮಿ ಪ್ರಶಸ್ತಿ, ರಾಜ್ಯ ಚಲನಚಿತ್ರ ಪ್ರಶಸ್ತಿ, ರಾಷ್ಟ್ರೀಯ ಚಲನಚಿತ್ರ ಪ್ರಶಸ್ತಿ ಸೇರಿದಂತೆ ಅನೇಕ ಪ್ರಶಸ್ತಿಗಳು ಸಂದಿವೆ. ಇವರು ಶಿಕ್ಷಕರಾಗಿ, ಸಾಹಿತಿಗಳಾಗಿ, ಚಲನಚಿತ್ರ ನಿರ್ದೇಶಕರಾಗಿ ಸಲ್ಲಿಸಿದ ಸೇವೆ ಅನನ್ಯವಾದುದು. ಈ ಮಹಾನ್ ಪ್ರತಿಭೆಯನ್ನು ಕನ್ನಡ ನಾಡಿನ ಜನತೆ ಅಭಿಮಾನದಿಂದ ಗೌರವಿಸುತ್ತದೆ. ಕೊಪ್ಪಳದ ಗವಿಸಿದ್ದೇಶ್ವರ ಜಾತ್ರೆಗೆ ಅವರು ಆಗಮಿಸಲಿದ್ದಾರೆ.
ಜವಾಹರ ನವೋದಯ
ವಿದ್ಯಾಲಯದ 6ನೇ ತರಗತಿಯ
ಪ್ರವೇಶ ಪರೀಕ್ಷೆ ಜ. 18ಕ್ಕೆ
ಕೊಪ್ಪಳ: ಜವಾಹರ ನವೋದಯ ವಿದ್ಯಾಲಯ ದಲ್ಲಿ 2025–26ನೇ ಸಾಲಿನಲ್ಲಿ 6ನೇ ತರಗತಿಯ ಪ್ರವೇಶಕ್ಕಾಗಿ ಜನವರಿ 18 ರಂದು ಪ್ರವೇಶ ಪರೀಕ್ಷೆಯನ್ನು ಹಮ್ಮಿಕೊಳ್ಳಲಾಗಿದೆ. ಈ ಪ್ರವೇಶ ಪರೀಕ್ಷೆಯು ಕೊಪ್ಪಳ ಜಿಲ್ಲೆಯ ಗಂಗಾ ವತಿ, ಕೊಪ್ಪಳ, ಕುಷ್ಟಗಿ ಮತ್ತು ಯಲಬುರ್ಗಾ ತಾಲೂಕಿನಲ್ಲಿ ಈಗಾಗಲೇ ನಿಗದಿಪಡಿಸಿದ ಪರೀಕ್ಷಾ ಕೇಂದ್ರಗಳಲ್ಲಿ ನಡೆಯಲಿದೆ. ಆನ್‌ಲೈನ್ ಮೂಲಕ ಅರ್ಜಿ ಸಲ್ಲಿಸಿದ ವಿದ್ಯಾರ್ಥಿಗಳು, ಹಾಲ್ ಟಿಕೆಟ್ ಡೌನ್ ಲೋಡ್ ಮಾಡಿಕೊಂಡು ಪರೀಕ್ಷೆಗೆ ಹಾಜರಾಗಬೇಕೆಂದು ಕುಕನೂರು ಜವಾಹರ ನವೋದಯ ವಿದ್ಯಾಲಯದ ಪ್ರಾಚಾರ್ಯರಾದ ಜಯ ಜೆ. ಅವರು ಪ್ರಕಟಣೆಯಲ್ಲಿ ತಿಳಿಸಿದ್ದಾರೆ.
ಬೆಳೆ ಸ್ಪರ್ಧೆಗೆ ಆನ್‌ಲೈನ್
ಮೂಲಕ ಅರ್ಜಿ ಸಲ್ಲಿಸಲು
ಮರು ಅವಕಾಶ
ಕೊಪ್ಪಳ: 2024ರ ಹಿಂಗಾರು ಹಂಗಾಮಿನಲ್ಲಿ ಆನ್‌ಲೈನ್ ಮೂಲಕ ಕಡಿಮೆ ಅರ್ಜಿಗಳು ಸ್ವೀಕೃತವಾಗಿರುವ ಹಿನ್ನೆಲೆಯಲ್ಲಿ ರೈತರಿಗೆ ಅನುಕೂಲವಾಗುವಂತೆ 2024–25ನೇ ಸಾಲಿನ ಕೃಷಿ ಪ್ರಶಸ್ತಿಯ ಹಿಂಗಾರು ಹಂಗಾಮಿನ ಬೆಳೆ ಸ್ಪರ್ಧೆಗೆ ಆನ್‌ಲೈನ್ ಮೂಲಕ ಅರ್ಜಿ ಸಲ್ಲಿಸಲು ದಿನಾಂಕ: 2025ರ ಜನವರಿ 20 ರವರೆಗೆ ವಿಸ್ತರಿಸಿ ಮರು ಅವಕಾಶ ಕಲ್ಪಿಸಲಾಗಿದೆ. ಈ ಅವಕಾಶವನ್ನು ರೈತರು ಸದುಪಯೋಗ ಪಡಿಸಿಕೊಳ್ಳಬೇಕು. ಹೆಚ್ಚಿನ ಮಾಹಿತಿಗಾಗಿ ಹತ್ತಿರದ ರೈತ ಸಂಪರ್ಕ ಕೇಂದ್ರ ಅಥವಾ ಸಹಾಯಕ ಕೃಷಿ ನಿರ್ದೇಶಕರ ಕಚೇರಿಯನ್ನು ಸಂಪರ್ಕಿಸಬೇಕೆಂದು ಕೊಪ್ಪಳ ಜಂಟಿ ಕೃಷಿ ನಿರ್ದೇಶಕರು ಅವರು ಪ್ರಕಟಣೆಯಲ್ಲಿ ತಿಳಿಸಿದ್ದಾರೆ.
ಪಂಡಿತ್ ಬಸವರಾಜ ವಂದಾಲಿ ಹಿಂದೂಸ್ತಾನಿ ಶಾಸ್ತ್ರೀಯ ಸಂಗೀತಗಾರರು
ಕೊಪ್ಪಳ: ಮಾನ್ವಿಯ (ರಾಯಚೂರು, ಕರ್ನಾಟಕ) ಸಂಗೀತಗಾರರು ಮತ್ತು ನಾಟಕಕಾರರ ಕುಟುಂಬದಲ್ಲಿ ಜನಿಸಿದ ಇವರು ಬಸವರಾಜ ಅವರು ಗ್ವಾಲಿಯರ್ ಘರಾನಾ ಹಾಗೂ ಕಿರಾಣಾ ಘರಾನಾದ ಶ್ರೀಮಂತ ಸಂಪ್ರದಾಯದಲ್ಲಿ ಶಾಸ್ತ್ರೀಯ ಸಂಗೀತದಲ್ಲಿ ಪ್ರಾರಂಭಿಕ ತರಬೇತಿ ಪಡೆದರು. ಇವರು ಗಾಯನ ಶೈಲಿಯ ಏಕರು, ‘ರಸಿಕರನ್ನು ಮನತಣಿಸುವ ಸಂಗೀತಗಾರರು. ಶಿಕ್ಷಣ: ಕರ್ನಾಟಕ ವಿಶ್ವವಿದ್ಯಾನಿಲಯ, ಧಾರವಾಡದಿಂದ ಸಂಗೀತದಲ್ಲಿ ಸ್ವರ್ಣಪದಕದೊಂದಿಗೆ ಸ್ನಾತಕೋತ್ತರ ಪದವಿ ಪಡೆದರು. ಇವರು ‘ಉನ್ನತ ಶ್ರೇಣಿ’ ಆಕಾಶವಾಣಿಯ ಕಲಾವಿದರು. ಭಾರತ ಸರ್ಕಾರದ ಸಂಸ್ಕೃತಿ ಸಚಿವಾಲಯದ ಹಿರಿಯ ಫೆಲೋಶಿಪ್ ಪಡೆದಿದ್ದಾರೆ. ಪ್ರಶಸ್ತಿಗಳು: ರಾಷ್ಟ್ರೀಯ ಯುವ ಉತ್ಸವ ಪ್ರಶಸ್ತಿ, 2020ರಲ್ಲಿ ಹಿಂದೂಸ್ತಾನಿ ಸಂಗೀತ ವಿಭಾಗದಲ್ಲಿ 1ನೇ ಬಹುಮಾನ, ರಾಷ್ಟ್ರೀಯ ವಿಶ್ವವಿದ್ಯಾಲಯ ಯುವ ಉತ್ಸವದಲ್ಲಿ
2ನೇ ಬಹುಮಾನ, ಕೊಲ್ಹಾಪುರ (ಅಖಿಲ ಭಾರತ ವಿಶ್ವವಿದ್ಯಾಲಯ ಉತ್ಸವ) ಹರಿವಲ್ಲಭ ಸಂಗೀತ ಸಮ್ಮೇಳನ, ಜಲಂಧರ್, ಬೆಂಗಳೂರಿನ ಸಂಗೀತ ಮಿಲನ್ ರಾಷ್ಟ್ರೀಯ ಸಂಗೀತ ಸ್ಪರ್ಧೆಯಲ್ಲಿ 1ನೇ ಸ್ಥಾನ. ರಾಷ್ಟ್ರ ಮಟ್ಟದ ಯುವ ಉತ್ಸವದಲ್ಲಿ 1ನೇ ಸ್ಥಾನ, ಮೈಸೂರು ದಸರಾ ಉತ್ಸವ, ಶಿವಮೊಗ್ಗ, ಬೆಳಗಾವಿ ರಾಜ್ಯ ಮಟ್ಟದ ಯುವಜನೋತ್ಸವದಲ್ಲಿ, ಧಾರವಾಡ ಉತ್ಸವ, ಉಡುಪಿ ಮತ್ತು ಕುಮಾರಗಂಧರ್ವ ಸ್ಮರಣಾರ್ಥ ಉತ್ಸವ, ಇಂದಿರಾ ಗಾಂಧಿ ಕಲಾಕೇಂದ್ರದಲ್ಲಿ ಪ್ರಸ್ತುತಿ. ಅಹಮದಾಬಾದ್, ಪುಣೆ, ಮುಂಬೈ, ದೆಹಲಿ ಹೀಗೆ ಅನೇಕ ಕಡೆ ಕಾರ್ಯಕ್ರಮ ನೀಡಿದ್ದಾರೆ. ಬಹುಮಾನ ಪ್ರಶಸ್ತಿಗಳು: ಸುಮಧುರ ಬರಹಗಳು, ಕಾಶಿ / ವಾರಣಾಸಿ ಹಂಸಧ್ವನಿ ಉತ್ಸವ,
ಲಕ್ನೋ “ಸ್ವರಾಂಜಲಿ ಕನ್ಸರ್ಟ್”, ಮುಂಬೈ “ಸ್ವರಸಾಗರ ಸಂಗೀತ ಸ್ಪರ್ಧೆ” ಮಧ್ಯಪ್ರದೇಶ “ದೇವಾಸ್ ಕುಮಾರಗಂಧರ್ವ ಸಂಗೀತೋತ್ಸವ” ಮೊದಲಾದ ಹಲವು ವೇದಿಕೆಗಳಲ್ಲಿ ಹಾಡಿದ್ದಾರೆ. ಇವರ ಕಾರ್ಯಕ್ರಮಗಳು ರಸಿಕರ ಮನಸೂರೆಗೊಂಡಿವೆ. ಹುಬ್ಬಳ್ಳಿ ಕೆಡಿ ಸಂಗೀತ ಸಭಾ, ಧಾರವಾಡ ಸಂಗೀತ ಸಭಾ, ಧಾರವಾಡ ಕನ್ನಡ ಸಾಹಿತ್ಯ ಸಮ್ಮೇಳನ, ಧಾರವಾಡ, ಕೊಪ್ಪಳ ಸಂಸ್ಕೃತಿ ಉತ್ಸವ ಹುಬ್ಬಳ್ಳಿ “ಶ್ರಾವಣ ಸಂಗೀತ, ಶ್ರೀ ಬಸವರಾಜ ವಂದಾಲಿ ಅವರು ಪ್ರಸ್ತುತ ಕೊಪ್ಪಳದ ಗವಿಮಠ ಜಾತ್ರೆಯಲ್ಲಿ ಹಾಡಲಿದ್ದಾರೆ.
